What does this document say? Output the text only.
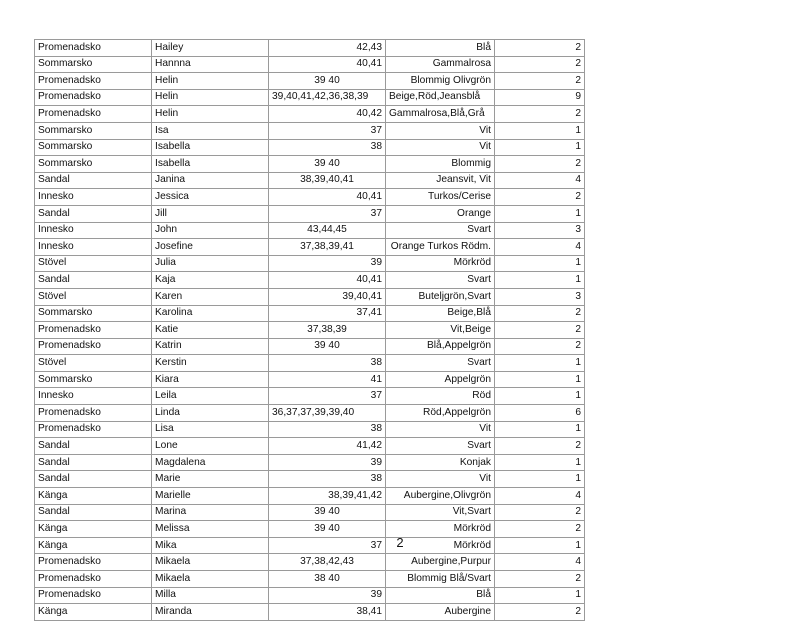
Promenadsko	Hailey	42,43	Blå	2
Sommarsko	Hannna	40,41	Gammalrosa	2
Promenadsko	Helin	39 40	Blommig Olivgrön	2
Promenadsko	Helin	39,40,41,42,36,38,39	Beige,Röd,Jeansblå	9
Promenadsko	Helin	40,42	Gammalrosa,Blå,Grå	2
Sommarsko	Isa	37	Vit	1
Sommarsko	Isabella	38	Vit	1
Sommarsko	Isabella	39 40	Blommig	2
Sandal	Janina	38,39,40,41	Jeansvit, Vit	4
Innesko	Jessica	40,41	Turkos/Cerise	2
Sandal	Jill	37	Orange	1
Innesko	John	43,44,45	Svart	3
Innesko	Josefine	37,38,39,41	Orange Turkos Rödm.	4
Stövel	Julia	39	Mörkröd	1
Sandal	Kaja	40,41	Svart	1
Stövel	Karen	39,40,41	Buteljgrön,Svart	3
Sommarsko	Karolina	37,41	Beige,Blå	2
Promenadsko	Katie	37,38,39	Vit,Beige	2
Promenadsko	Katrin	39 40	Blå,Appelgrön	2
Stövel	Kerstin	38	Svart	1
Sommarsko	Kiara	41	Appelgrön	1
Innesko	Leila	37	Röd	1
Promenadsko	Linda	36,37,37,39,39,40	Röd,Appelgrön	6
Promenadsko	Lisa	38	Vit	1
Sandal	Lone	41,42	Svart	2
Sandal	Magdalena	39	Konjak	1
Sandal	Marie	38	Vit	1
Känga	Marielle	38,39,41,42	Aubergine,Olivgrön	4
Sandal	Marina	39 40	Vit,Svart	2
Känga	Melissa	39 40	Mörkröd	2
Känga	Mika	37	Mörkröd	1
Promenadsko	Mikaela	37,38,42,43	Aubergine,Purpur	4
Promenadsko	Mikaela	38 40	Blommig Blå/Svart	2
Promenadsko	Milla	39	Blå	1
Känga	Miranda	38,41	Aubergine	2
2
